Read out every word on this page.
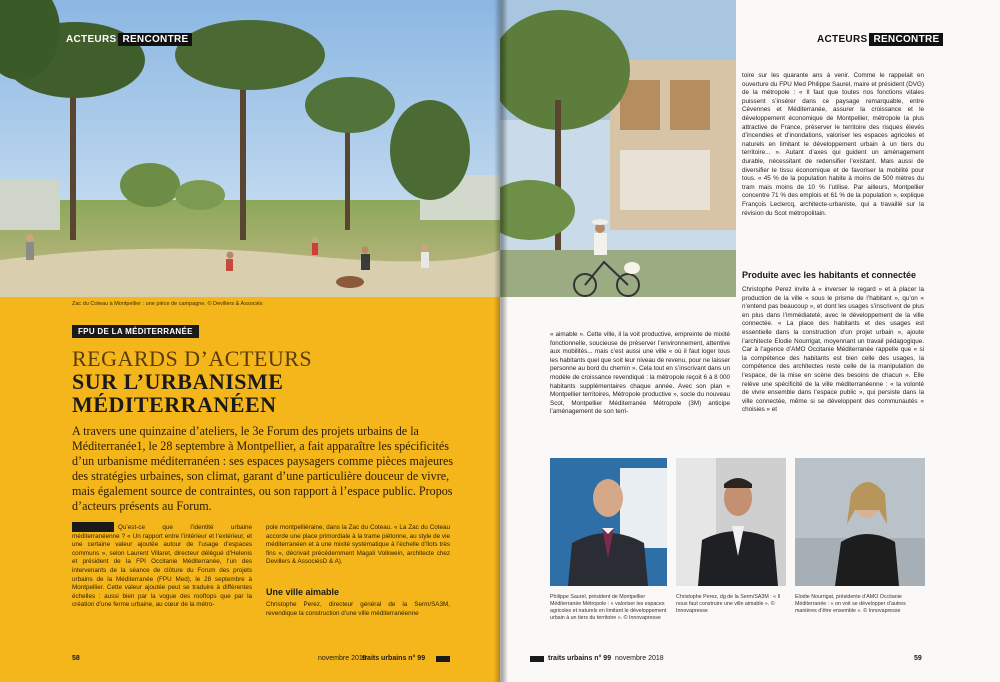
ACTEURS RENCONTRE
Zac du Coteau à Montpellier : une pièce de campagne. © Devillers & Associés
FPU DE LA MÉDITERRANÉE
REGARDS D’ACTEURS
SUR L’URBANISME
MÉDITERRANÉEN
A travers une quinzaine d’ateliers, le 3e Forum des projets urbains de la Méditerranée1, le 28 septembre à Montpellier, a fait apparaître les spécificités d’un urbanisme méditerranéen : ses espaces paysagers comme pièces majeures des stratégies urbaines, son climat, garant d’une particulière douceur de vivre, mais également source de contraintes, ou son rapport à l’espace public. Propos d’acteurs présents au Forum.
Qu’est-ce que l’identité urbaine méditerranéenne ? « Un rapport entre l’intérieur et l’extérieur, et une certaine valeur ajoutée autour de l’usage d’espaces communs », selon Laurent Villaret, directeur délégué d’Helenis et président de la FPI Occitanie Méditerranée, l’un des intervenants de la séance de clôture du Forum des projets urbains de la Méditerranée (FPU Med), le 28 septembre à Montpellier. Cette valeur ajoutée peut se traduire à différentes échelles : aussi bien par la vogue des rooftops que par la création d’une ferme urbaine, au cœur de la métro-
pole montpelliéraine, dans la Zac du Coteau. « La Zac du Coteau accorde une place primordiale à la trame piétonne, au style de vie méditerranéen et à une mixité systématique à l’échelle d’îlots très fins », décrivait précédemment Magali Volkwein, architecte chez Devillers & AssociésD & A).
Une ville aimable
Christophe Perez, directeur général de la Serm/SA3M, revendique la construction d’une ville méditerranéenne
58	novembre 2018
traits urbains n° 99
ACTEURS RENCONTRE
toire sur les quarante ans à venir. Comme le rappelait en ouverture du FPU Med Philippe Saurel, maire et président (DVG) de la métropole : « Il faut que toutes nos fonctions vitales puissent s’insérer dans ce paysage remarquable, entre Cévennes et Méditerranée, assurer la croissance et le développement économique de Montpellier, métropole la plus attractive de France, préserver le territoire des risques élevés d’incendies et d’inondations, valoriser les espaces agricoles et naturels en limitant le développement urbain à un tiers du territoire... ». Autant d’axes qui guident un aménagement durable, nécessitant de redensifier l’existant. Mais aussi de diversifier le tissu économique et de favoriser la mobilité pour tous. « 45 % de la population habite à moins de 500 mètres du tram mais moins de 10 % l’utilise. Par ailleurs, Montpellier concentre 71 % des emplois et 61 % de la population », explique François Leclercq, architecte-urbaniste, qui a travaillé sur la révision du Scot métropolitain.
Produite avec les habitants et connectée
Christophe Perez invite à « inverser le regard » et à placer la production de la ville « sous le prisme de l’habitant », qu’on « n’entend pas beaucoup », et dont les usages s’inscrivent de plus en plus dans l’immédiateté, avec le développement de la ville connectée. « La place des habitants et des usages est essentielle dans la construction d’un projet urbain », ajoute l’architecte Elodie Nourrigat, moyennant un travail pédagogique. Car à l’agence d’AMO Occitanie Méditerranée rappelle que « si la compétence des habitants est bien celle des usages, la compétence des architectes reste celle de la manipulation de l’espace, de la mise en scène des besoins de chacun ». Elle relève une spécificité de la ville méditerranéenne : « la volonté de vivre ensemble dans l’espace public », qui persiste dans la ville connectée, même si se développent des communautés « choisies » et
« aimable ». Cette ville, il la voit productive, empreinte de mixité fonctionnelle, soucieuse de préserver l’environnement, attentive aux mobilités... mais c’est aussi une ville « où il faut loger tous les habitants quel que soit leur niveau de revenu, pour ne laisser personne au bord du chemin ». Cela tout en s’inscrivant dans un modèle de croissance revendiqué : la métropole reçoit 6 à 8 000 habitants supplémentaires chaque année. Avec son plan « Montpellier territoires, Métropole productive », socle du nouveau Scot, Montpellier Méditerranée Métropole (3M) anticipe l’aménagement de son terri-
Philippe Saurel, président de Montpellier Méditerranée Métropole : « valoriser les espaces agricoles et naturels en limitant le développement urbain à un tiers du territoire ». © Innovapresse
Christophe Perez, dg de la Serm/SA3M : « Il nous faut construire une ville aimable ». © Innovapresse
Elodie Nourrigat, présidente d’AMO Occitanie Méditerranée : « on voit se développer d’autres manières d’être ensemble ». © Innovapresse
traits urbains n° 99 novembre 2018	59
